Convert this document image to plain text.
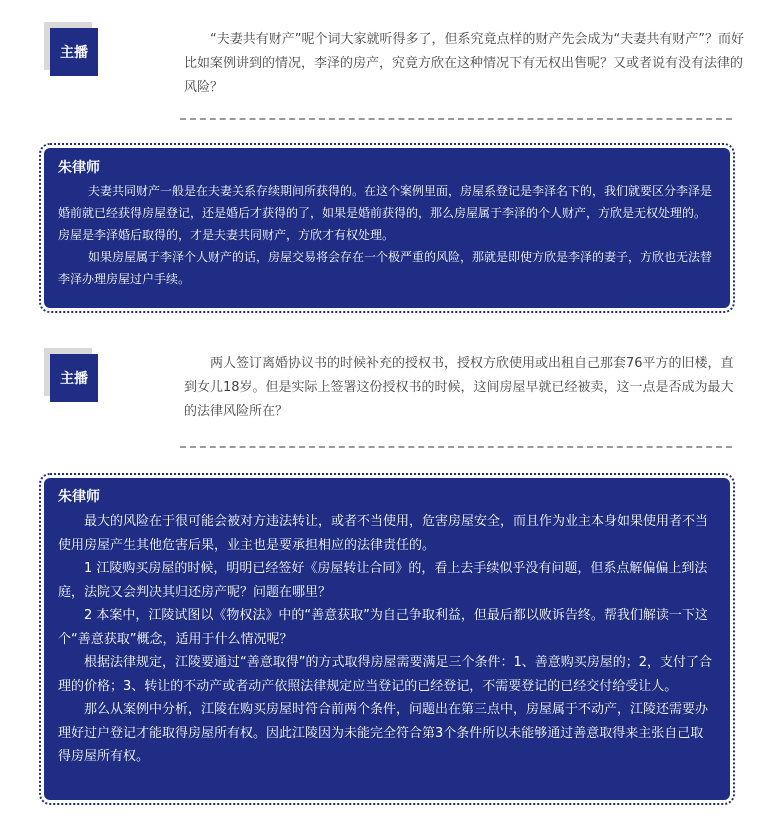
主播

“夫妻共有财产”呢个词大家就听得多了，但系究竟点样的财产先会成为“夫妻共有财产”？而好比如案例讲到的情况，李泽的房产，究竟方欣在这种情况下有无权出售呢？又或者说有没有法律的风险？

朱律师

夫妻共同财产一般是在夫妻关系存续期间所获得的。在这个案例里面，房屋系登记是李泽名下的，我们就要区分李泽是婚前就已经获得房屋登记，还是婚后才获得的了，如果是婚前获得的，那么房屋属于李泽的个人财产，方欣是无权处理的。房屋是李泽婚后取得的，才是夫妻共同财产，方欣才有权处理。

如果房屋属于李泽个人财产的话，房屋交易将会存在一个极严重的风险，那就是即使方欣是李泽的妻子，方欣也无法替李泽办理房屋过户手续。

主播

两人签订离婚协议书的时候补充的授权书，授权方欣使用或出租自己那套76平方的旧楼，直到女儿18岁。但是实际上签署这份授权书的时候，这间房屋早就已经被卖，这一点是否成为最大的法律风险所在？

朱律师

最大的风险在于很可能会被对方违法转让，或者不当使用，危害房屋安全，而且作为业主本身如果使用者不当使用房屋产生其他危害后果，业主也是要承担相应的法律责任的。

1 江陵购买房屋的时候，明明已经签好《房屋转让合同》的，看上去手续似乎没有问题，但系点解偏偏上到法庭，法院又会判决其归还房产呢？问题在哪里？

2 本案中，江陵试图以《物权法》中的“善意获取”为自己争取利益，但最后都以败诉告终。帮我们解读一下这个“善意获取”概念，适用于什么情况呢？

根据法律规定，江陵要通过“善意取得”的方式取得房屋需要满足三个条件：1、善意购买房屋的；2，支付了合理的价格；3、转让的不动产或者动产依照法律规定应当登记的已经登记，不需要登记的已经交付给受让人。

那么从案例中分析，江陵在购买房屋时符合前两个条件，问题出在第三点中，房屋属于不动产，江陵还需要办理好过户登记才能取得房屋所有权。因此江陵因为未能完全符合第3个条件所以未能够通过善意取得来主张自己取得房屋所有权。
